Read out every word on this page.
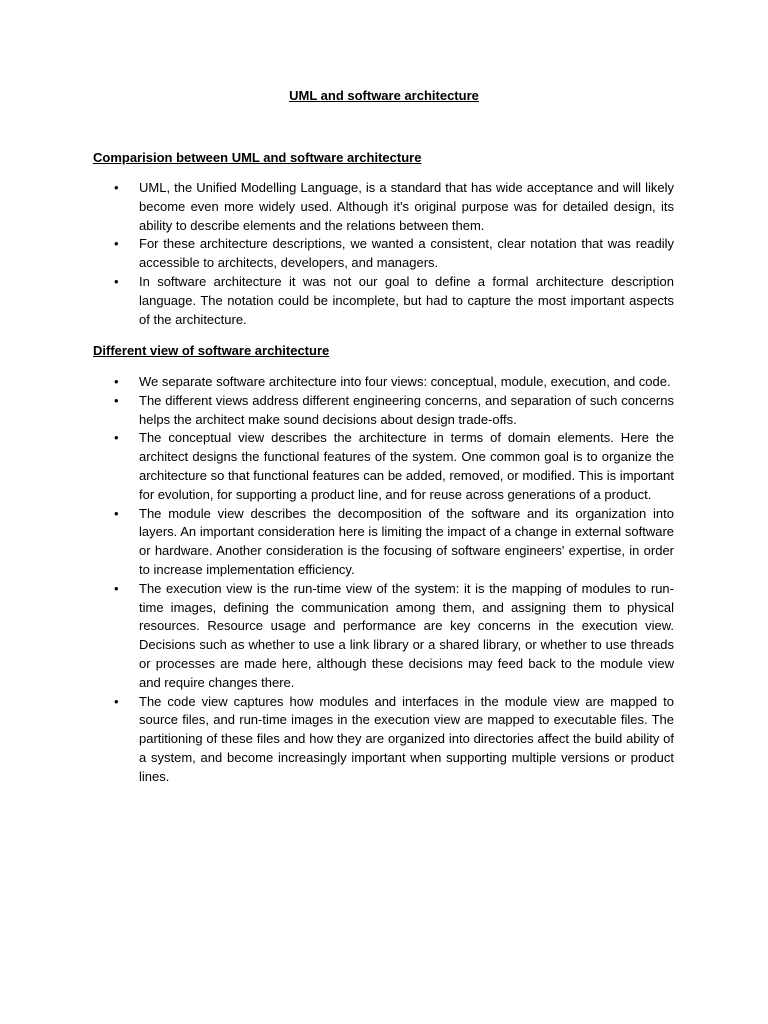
UML and software architecture
Comparision between UML and software architecture
• UML, the Unified Modelling Language, is a standard that has wide acceptance and will likely become even more widely used. Although it's original purpose was for detailed design, its ability to describe elements and the relations between them.
• For these architecture descriptions, we wanted a consistent, clear notation that was readily accessible to architects, developers, and managers.
• In software architecture it was not our goal to define a formal architecture description language. The notation could be incomplete, but had to capture the most important aspects of the architecture.
Different view of software architecture
• We separate software architecture into four views: conceptual, module, execution, and code.
• The different views address different engineering concerns, and separation of such concerns helps the architect make sound decisions about design trade-offs.
• The conceptual view describes the architecture in terms of domain elements. Here the architect designs the functional features of the system. One common goal is to organize the architecture so that functional features can be added, removed, or modified. This is important for evolution, for supporting a product line, and for reuse across generations of a product.
• The module view describes the decomposition of the software and its organization into layers. An important consideration here is limiting the impact of a change in external software or hardware. Another consideration is the focusing of software engineers' expertise, in order to increase implementation efficiency.
• The execution view is the run-time view of the system: it is the mapping of modules to run-time images, defining the communication among them, and assigning them to physical resources. Resource usage and performance are key concerns in the execution view. Decisions such as whether to use a link library or a shared library, or whether to use threads or processes are made here, although these decisions may feed back to the module view and require changes there.
• The code view captures how modules and interfaces in the module view are mapped to source files, and run-time images in the execution view are mapped to executable files. The partitioning of these files and how they are organized into directories affect the build ability of a system, and become increasingly important when supporting multiple versions or product lines.
